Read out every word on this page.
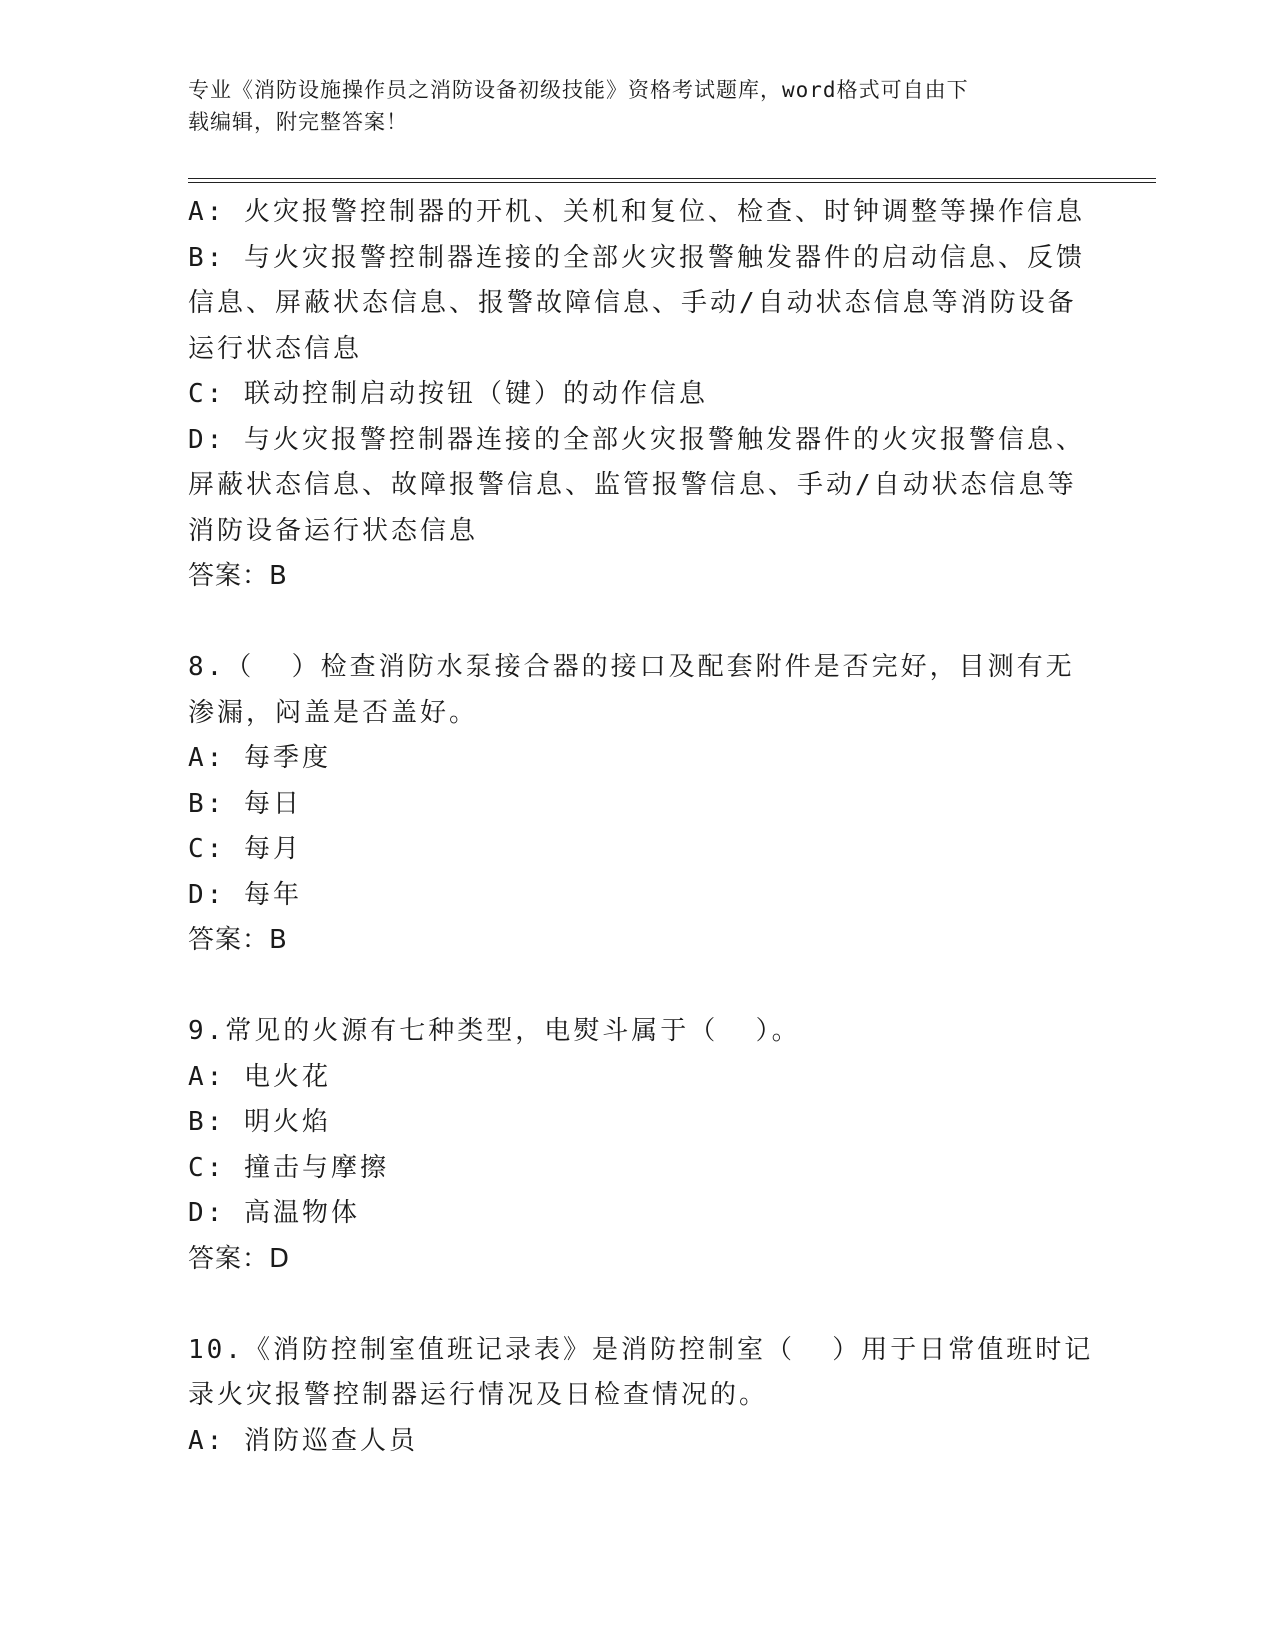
专业《消防设施操作员之消防设备初级技能》资格考试题库，word格式可自由下
载编辑，附完整答案！
A: 火灾报警控制器的开机、关机和复位、检查、时钟调整等操作信息
B: 与火灾报警控制器连接的全部火灾报警触发器件的启动信息、反馈
信息、屏蔽状态信息、报警故障信息、手动/自动状态信息等消防设备
运行状态信息
C: 联动控制启动按钮（键）的动作信息
D: 与火灾报警控制器连接的全部火灾报警触发器件的火灾报警信息、
屏蔽状态信息、故障报警信息、监管报警信息、手动/自动状态信息等
消防设备运行状态信息
答案：B
8.（  ）检查消防水泵接合器的接口及配套附件是否完好，目测有无
渗漏，闷盖是否盖好。
A: 每季度
B: 每日
C: 每月
D: 每年
答案：B
9.常见的火源有七种类型，电熨斗属于（  ）。
A: 电火花
B: 明火焰
C: 撞击与摩擦
D: 高温物体
答案：D
10.《消防控制室值班记录表》是消防控制室（  ）用于日常值班时记
录火灾报警控制器运行情况及日检查情况的。
A: 消防巡查人员
